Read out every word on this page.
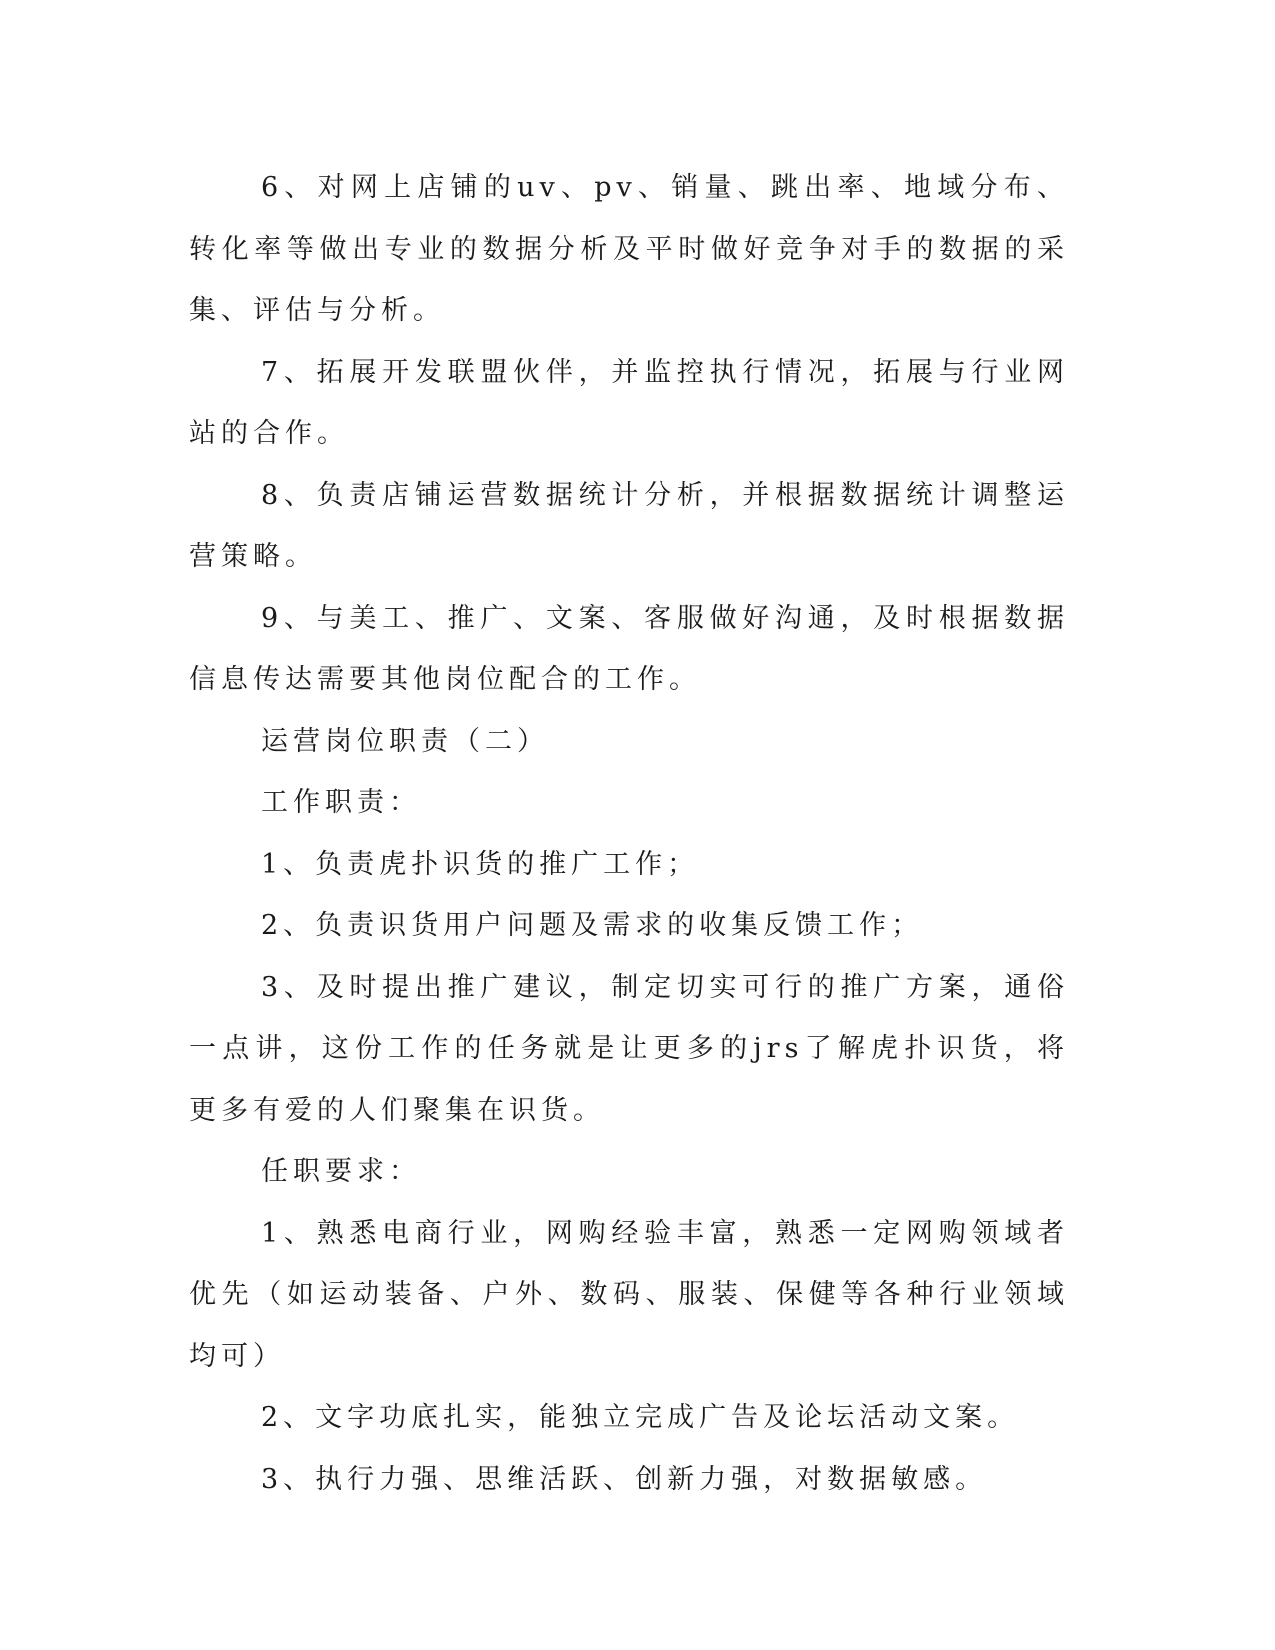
6、对网上店铺的uv、pv、销量、跳出率、地域分布、转化率等做出专业的数据分析及平时做好竞争对手的数据的采集、评估与分析。

7、拓展开发联盟伙伴，并监控执行情况，拓展与行业网站的合作。

8、负责店铺运营数据统计分析，并根据数据统计调整运营策略。

9、与美工、推广、文案、客服做好沟通，及时根据数据信息传达需要其他岗位配合的工作。

运营岗位职责（二）

工作职责：

1、负责虎扑识货的推广工作；

2、负责识货用户问题及需求的收集反馈工作；

3、及时提出推广建议，制定切实可行的推广方案，通俗一点讲，这份工作的任务就是让更多的jrs了解虎扑识货，将更多有爱的人们聚集在识货。

任职要求：

1、熟悉电商行业，网购经验丰富，熟悉一定网购领域者优先（如运动装备、户外、数码、服装、保健等各种行业领域均可）

2、文字功底扎实，能独立完成广告及论坛活动文案。

3、执行力强、思维活跃、创新力强，对数据敏感。
